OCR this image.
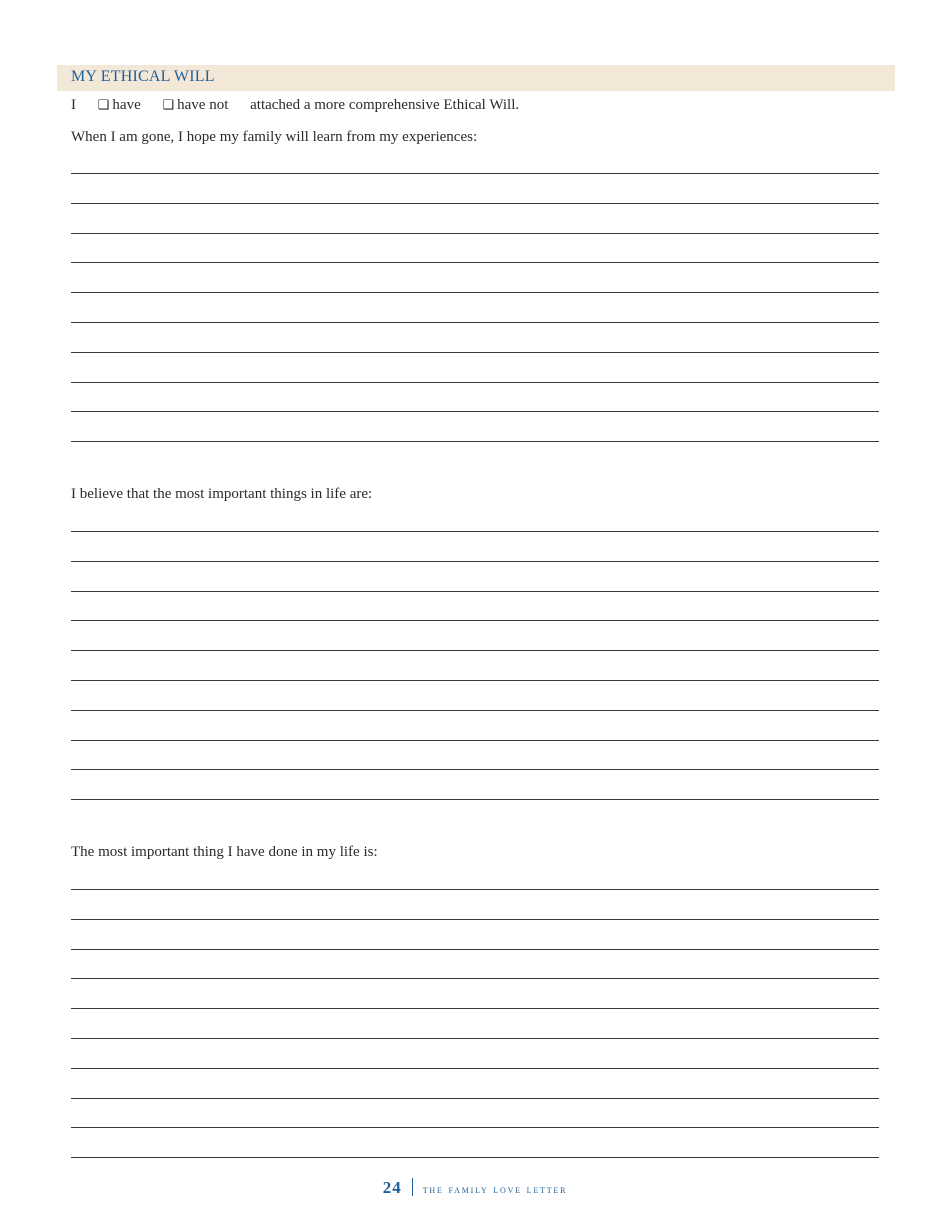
MY ETHICAL WILL
I ❑ have ❑ have not attached a more comprehensive Ethical Will.
When I am gone, I hope my family will learn from my experiences:
I believe that the most important things in life are:
The most important thing I have done in my life is:
24 the family love letter
